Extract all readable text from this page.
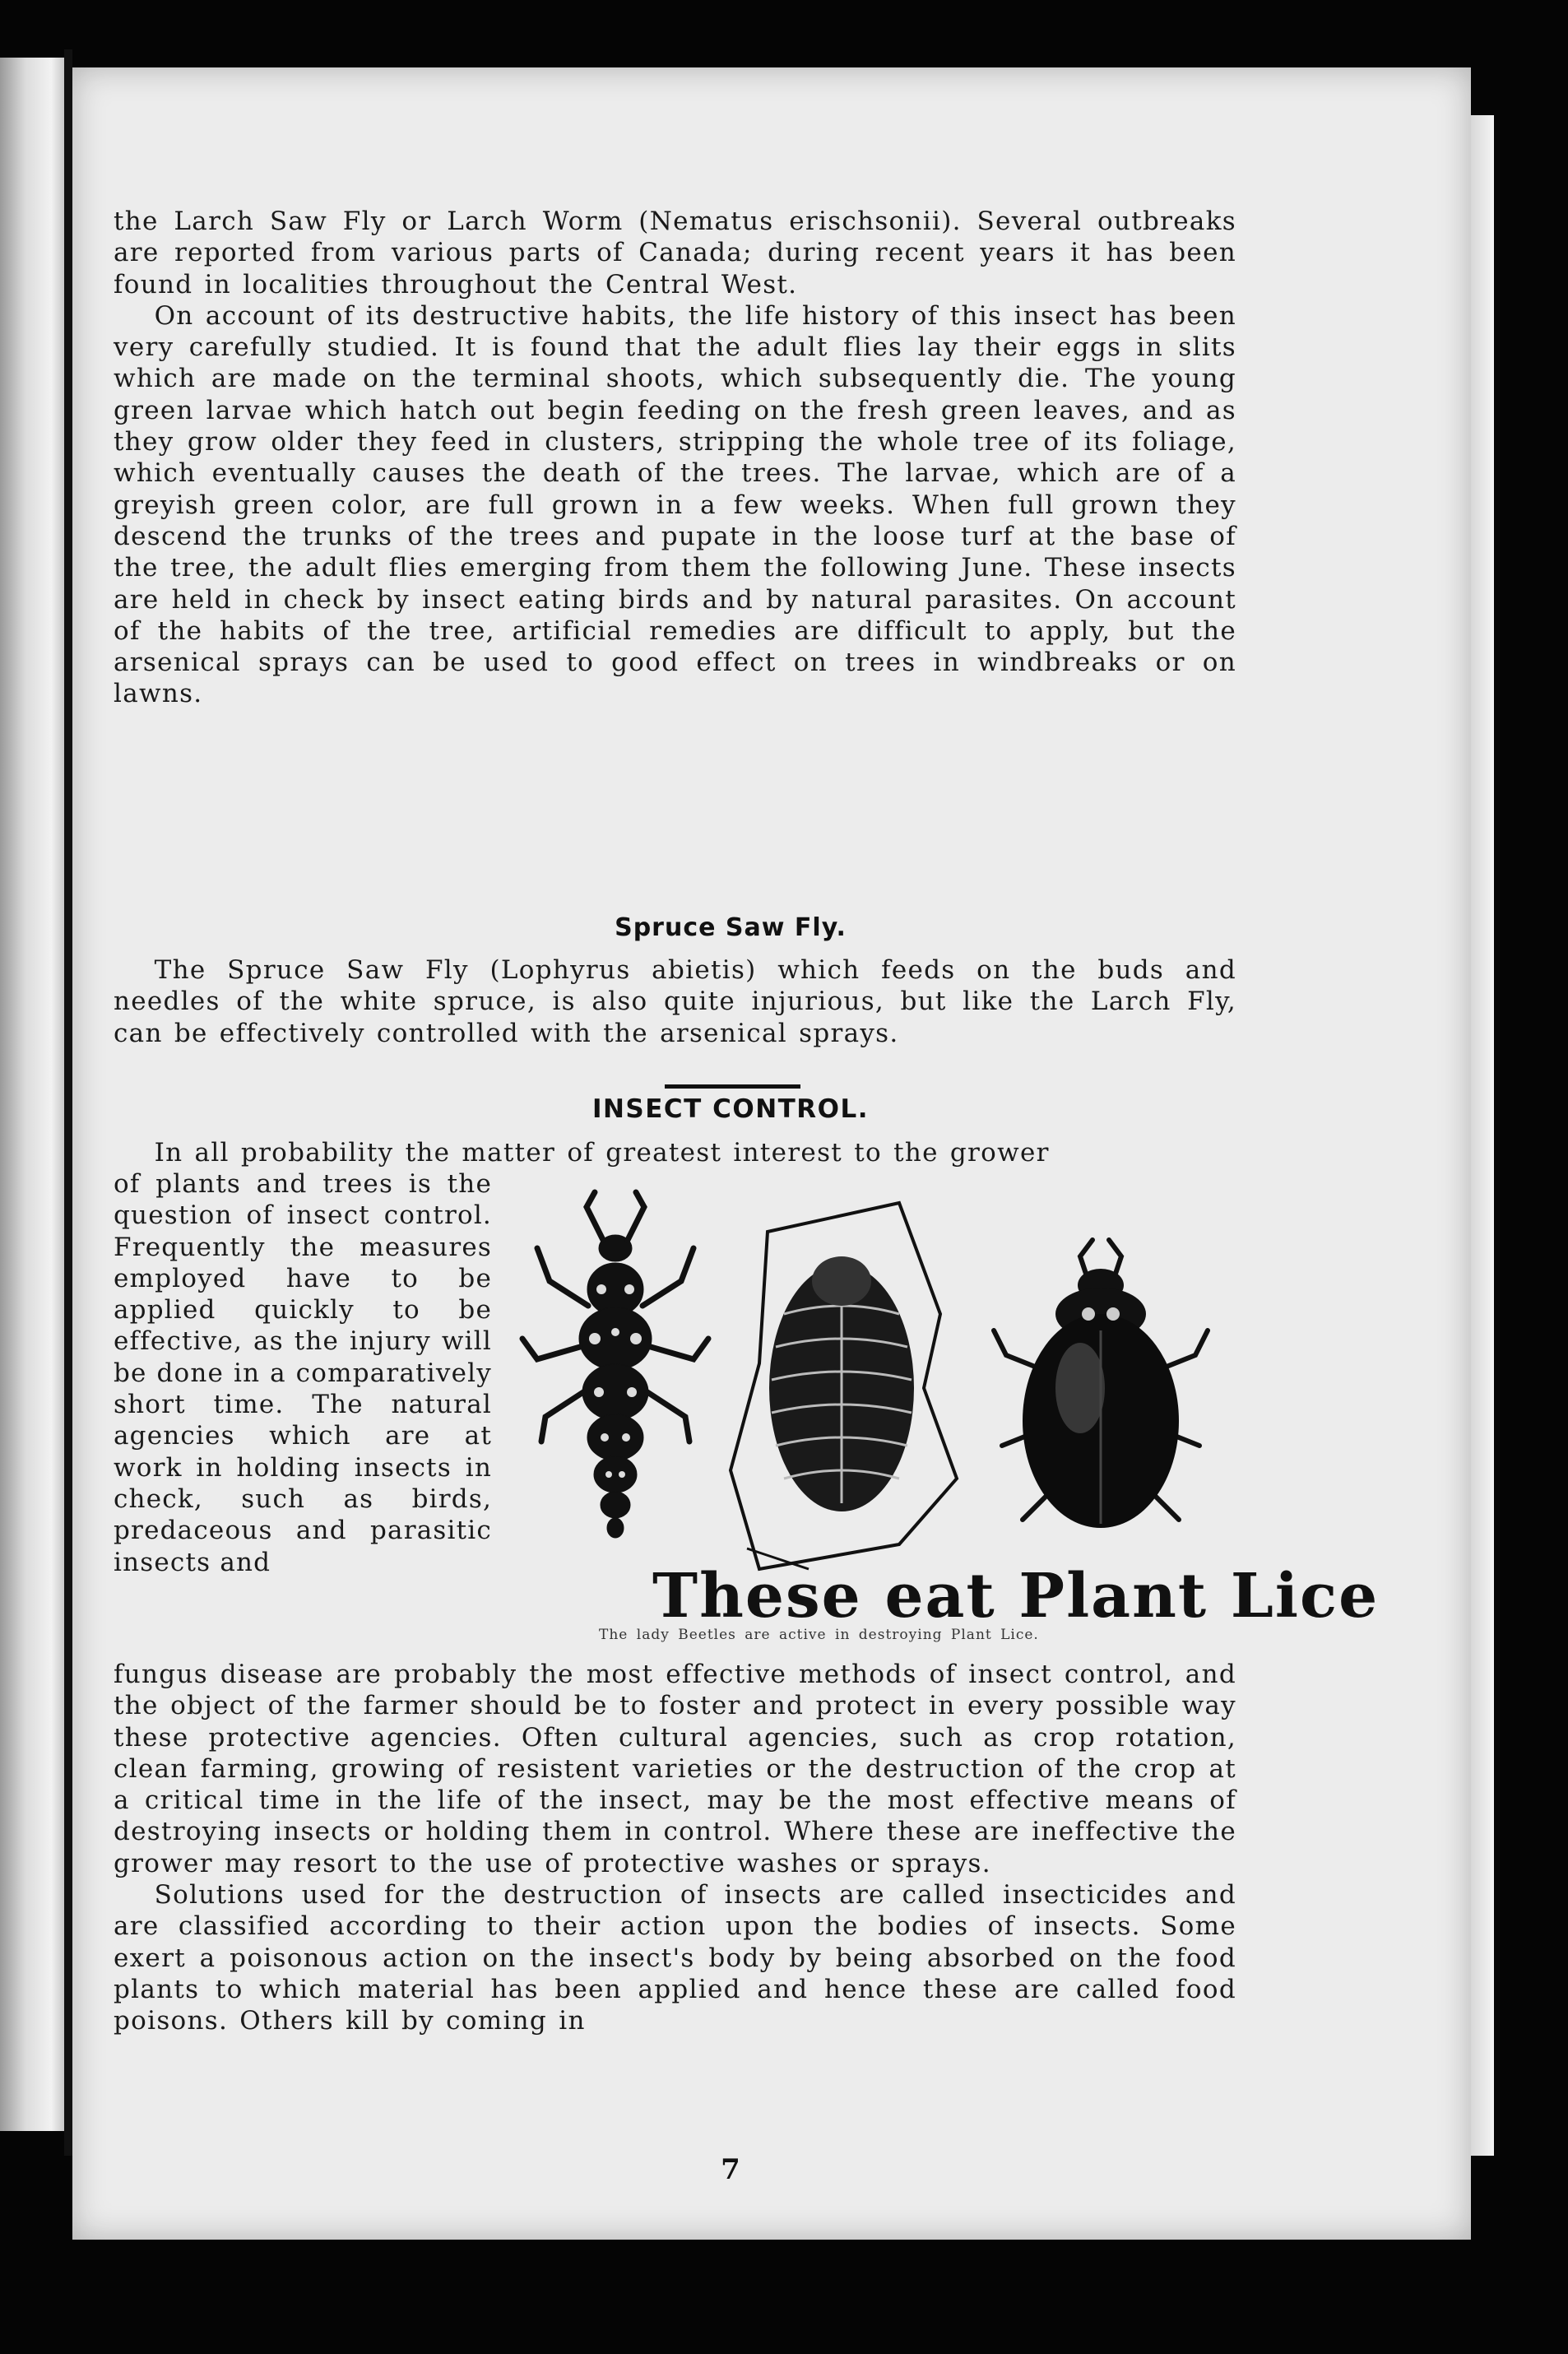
the Larch Saw Fly or Larch Worm (Nematus erischsonii). Several outbreaks are reported from various parts of Canada; during recent years it has been found in localities throughout the Central West.

On account of its destructive habits, the life history of this insect has been very carefully studied. It is found that the adult flies lay their eggs in slits which are made on the terminal shoots, which subsequently die. The young green larvae which hatch out begin feeding on the fresh green leaves, and as they grow older they feed in clusters, stripping the whole tree of its foliage, which eventually causes the death of the trees. The larvae, which are of a greyish green color, are full grown in a few weeks. When full grown they descend the trunks of the trees and pupate in the loose turf at the base of the tree, the adult flies emerging from them the following June. These insects are held in check by insect eating birds and by natural parasites. On account of the habits of the tree, artificial remedies are difficult to apply, but the arsenical sprays can be used to good effect on trees in windbreaks or on lawns.

Spruce Saw Fly.

The Spruce Saw Fly (Lophyrus abietis) which feeds on the buds and needles of the white spruce, is also quite injurious, but like the Larch Fly, can be effectively controlled with the arsenical sprays.

INSECT CONTROL.

In all probability the matter of greatest interest to the grower

of plants and trees is the question of insect control. Frequently the measures employed have to be applied quickly to be effective, as the injury will be done in a comparatively short time. The natural agencies which are at work in holding insects in check, such as birds, predaceous and parasitic insects and	These eat Plant Lice
The lady Beetles are active in destroying Plant Lice.

fungus disease are probably the most effective methods of insect control, and the object of the farmer should be to foster and protect in every possible way these protective agencies. Often cultural agencies, such as crop rotation, clean farming, growing of resistent varieties or the destruction of the crop at a critical time in the life of the insect, may be the most effective means of destroying insects or holding them in control. Where these are ineffective the grower may resort to the use of protective washes or sprays.

Solutions used for the destruction of insects are called insecticides and are classified according to their action upon the bodies of insects. Some exert a poisonous action on the insect's body by being absorbed on the food plants to which material has been applied and hence these are called food poisons. Others kill by coming in

7
